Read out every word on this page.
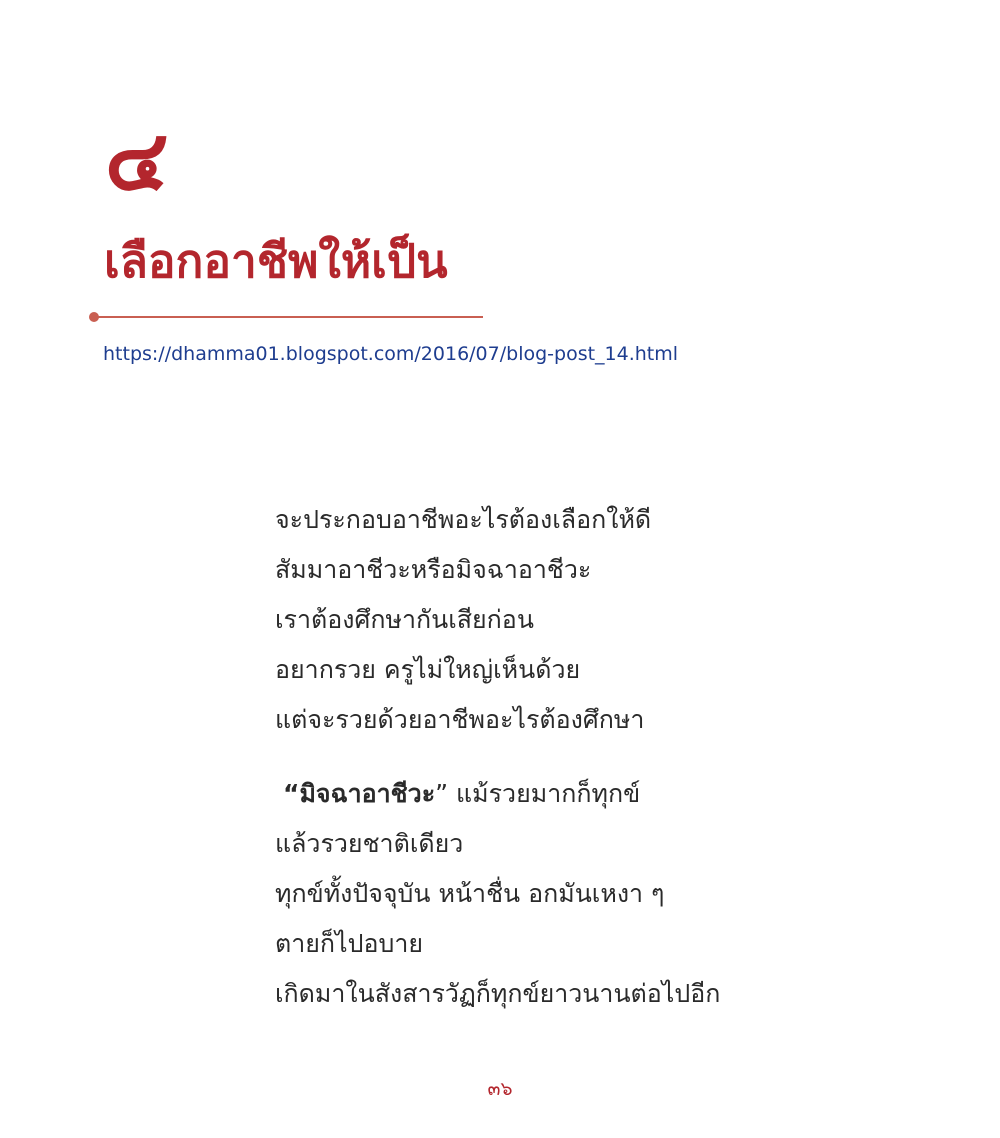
๔
เลือกอาชีพให้เป็น
https://dhamma01.blogspot.com/2016/07/blog-post_14.html
จะประกอบอาชีพอะไรต้องเลือกให้ดี
สัมมาอาชีวะหรือมิจฉาอาชีวะ
เราต้องศึกษากันเสียก่อน
อยากรวย ครูไม่ใหญ่เห็นด้วย
แต่จะรวยด้วยอาชีพอะไรต้องศึกษา
“มิจฉาอาชีวะ” แม้รวยมากก็ทุกข์
แล้วรวยชาติเดียว
ทุกข์ทั้งปัจจุบัน หน้าชื่น อกมันเหงา ๆ
ตายก็ไปอบาย
เกิดมาในสังสารวัฏก็ทุกข์ยาวนานต่อไปอีก
๓๖
